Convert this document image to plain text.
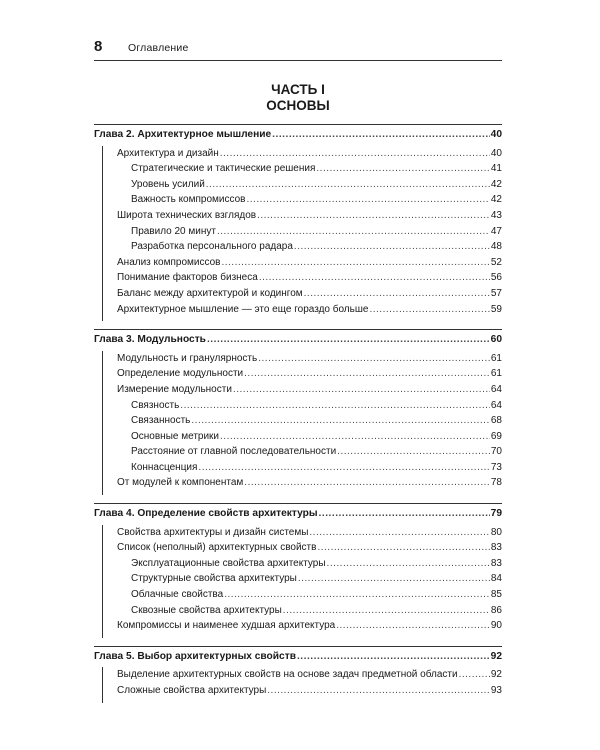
8 Оглавление
ЧАСТЬ I
ОСНОВЫ
Глава 2. Архитектурное мышление .....	40
Архитектура и дизайн .....	40
Стратегические и тактические решения .....	41
Уровень усилий .....	42
Важность компромиссов .....	42
Широта технических взглядов .....	43
Правило 20 минут .....	47
Разработка персонального радара .....	48
Анализ компромиссов .....	52
Понимание факторов бизнеса .....	56
Баланс между архитектурой и кодингом .....	57
Архитектурное мышление — это еще гораздо больше .....	59
Глава 3. Модульность .....	60
Модульность и гранулярность .....	61
Определение модульности .....	61
Измерение модульности .....	64
Связность .....	64
Связанность .....	68
Основные метрики .....	69
Расстояние от главной последовательности .....	70
Коннасценция .....	73
От модулей к компонентам .....	78
Глава 4. Определение свойств архитектуры .....	79
Свойства архитектуры и дизайн системы .....	80
Список (неполный) архитектурных свойств .....	83
Эксплуатационные свойства архитектуры .....	83
Структурные свойства архитектуры .....	84
Облачные свойства .....	85
Сквозные свойства архитектуры .....	86
Компромиссы и наименее худшая архитектура .....	90
Глава 5. Выбор архитектурных свойств .....	92
Выделение архитектурных свойств на основе задач предметной области .....	92
Сложные свойства архитектуры .....	93
